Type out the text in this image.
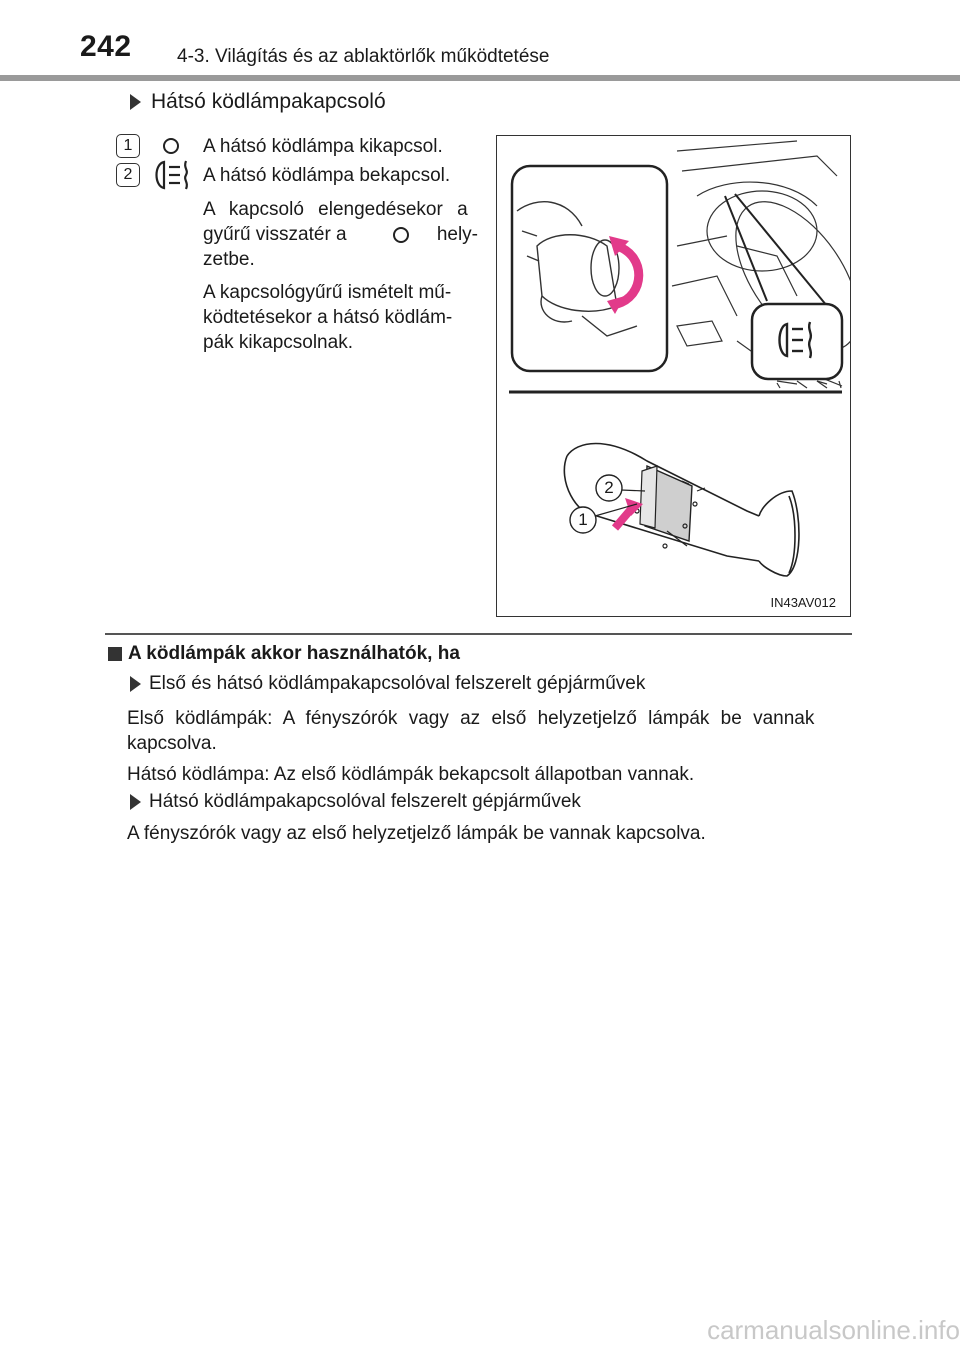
242 4-3. Világítás és az ablaktörlők működtetése
Hátsó ködlámpakapcsoló
1	A hátsó ködlámpa kikapcsol.
2	A hátsó ködlámpa bekapcsol.
A kapcsoló elengedésekor a
gyűrű visszatér a	hely-
zetbe.
A kapcsológyűrű ismételt mű-
ködtetésekor a hátsó ködlám-
pák kikapcsolnak.
2
1
IN43AV012
A ködlámpák akkor használhatók, ha
Első és hátsó ködlámpakapcsolóval felszerelt gépjárművek
Első ködlámpák: A fényszórók vagy az első helyzetjelző lámpák be vannak
kapcsolva.
Hátsó ködlámpa: Az első ködlámpák bekapcsolt állapotban vannak.
Hátsó ködlámpakapcsolóval felszerelt gépjárművek
A fényszórók vagy az első helyzetjelző lámpák be vannak kapcsolva.
carmanualsonline.info
